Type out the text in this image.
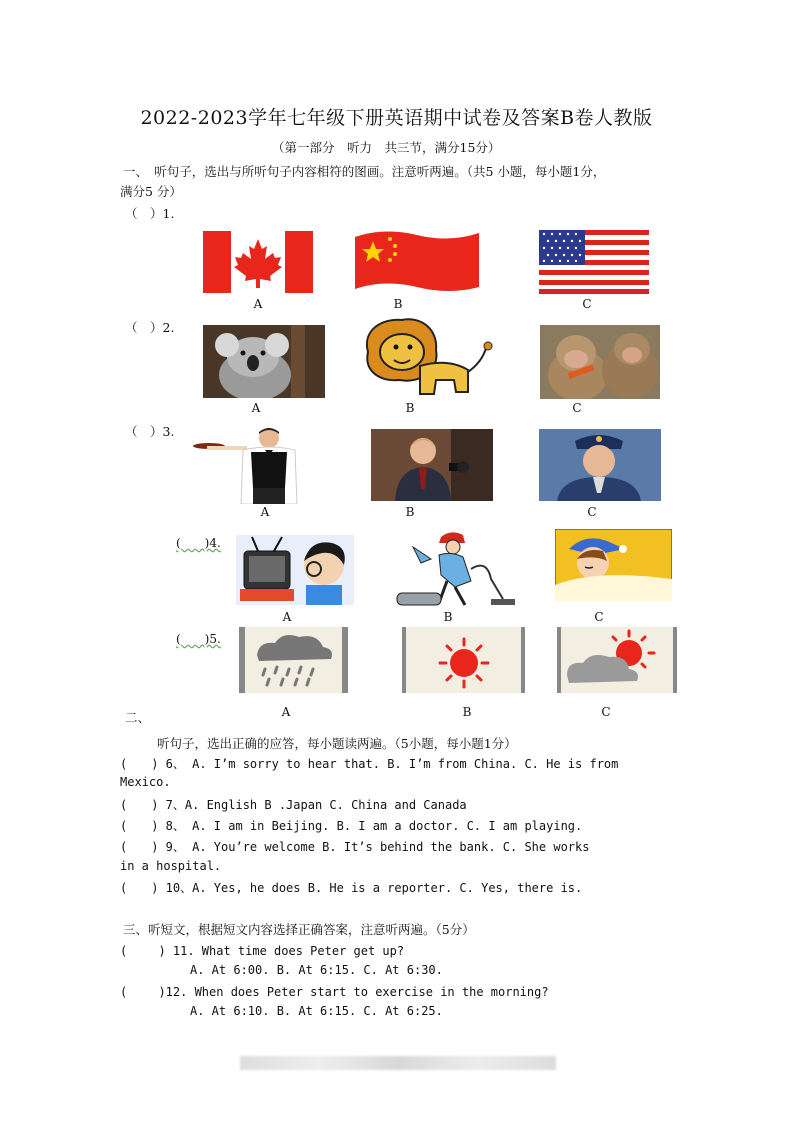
2022-2023学年七年级下册英语期中试卷及答案B卷人教版
（第一部分　听力　共三节，满分15分）
一、　听句子，选出与所听句子内容相符的图画。注意听两遍。（共5 小题，每小题1分，
满分5 分）
（　）1.
A	B	C
（　）2.
A	B	C
（　）3.
A	B	C
(　　)4.
A	B	C
(　　)5.
二、	A	B	C
听句子，选出正确的应答，每小题读两遍。（5小题，每小题1分）
(　　) 6、 A. I’m sorry to hear that. B. I’m from China. C. He is from
Mexico.
(　　) 7、A. English B .Japan C. China and Canada
(　　) 8、 A. I am in Beijing. B. I am a doctor. C. I am playing.
(　　) 9、 A. You’re welcome B. It’s behind the bank. C. She works
in a hospital.
(　　) 10、A. Yes, he does B. He is a reporter. C. Yes, there is.
三、听短文，根据短文内容选择正确答案，注意听两遍。（5分）
(　　 ) 11. What time does Peter get up?
A. At 6:00. B. At 6:15. C. At 6:30.
(　　 )12. When does Peter start to exercise in the morning?
A. At 6:10. B. At 6:15. C. At 6:25.
